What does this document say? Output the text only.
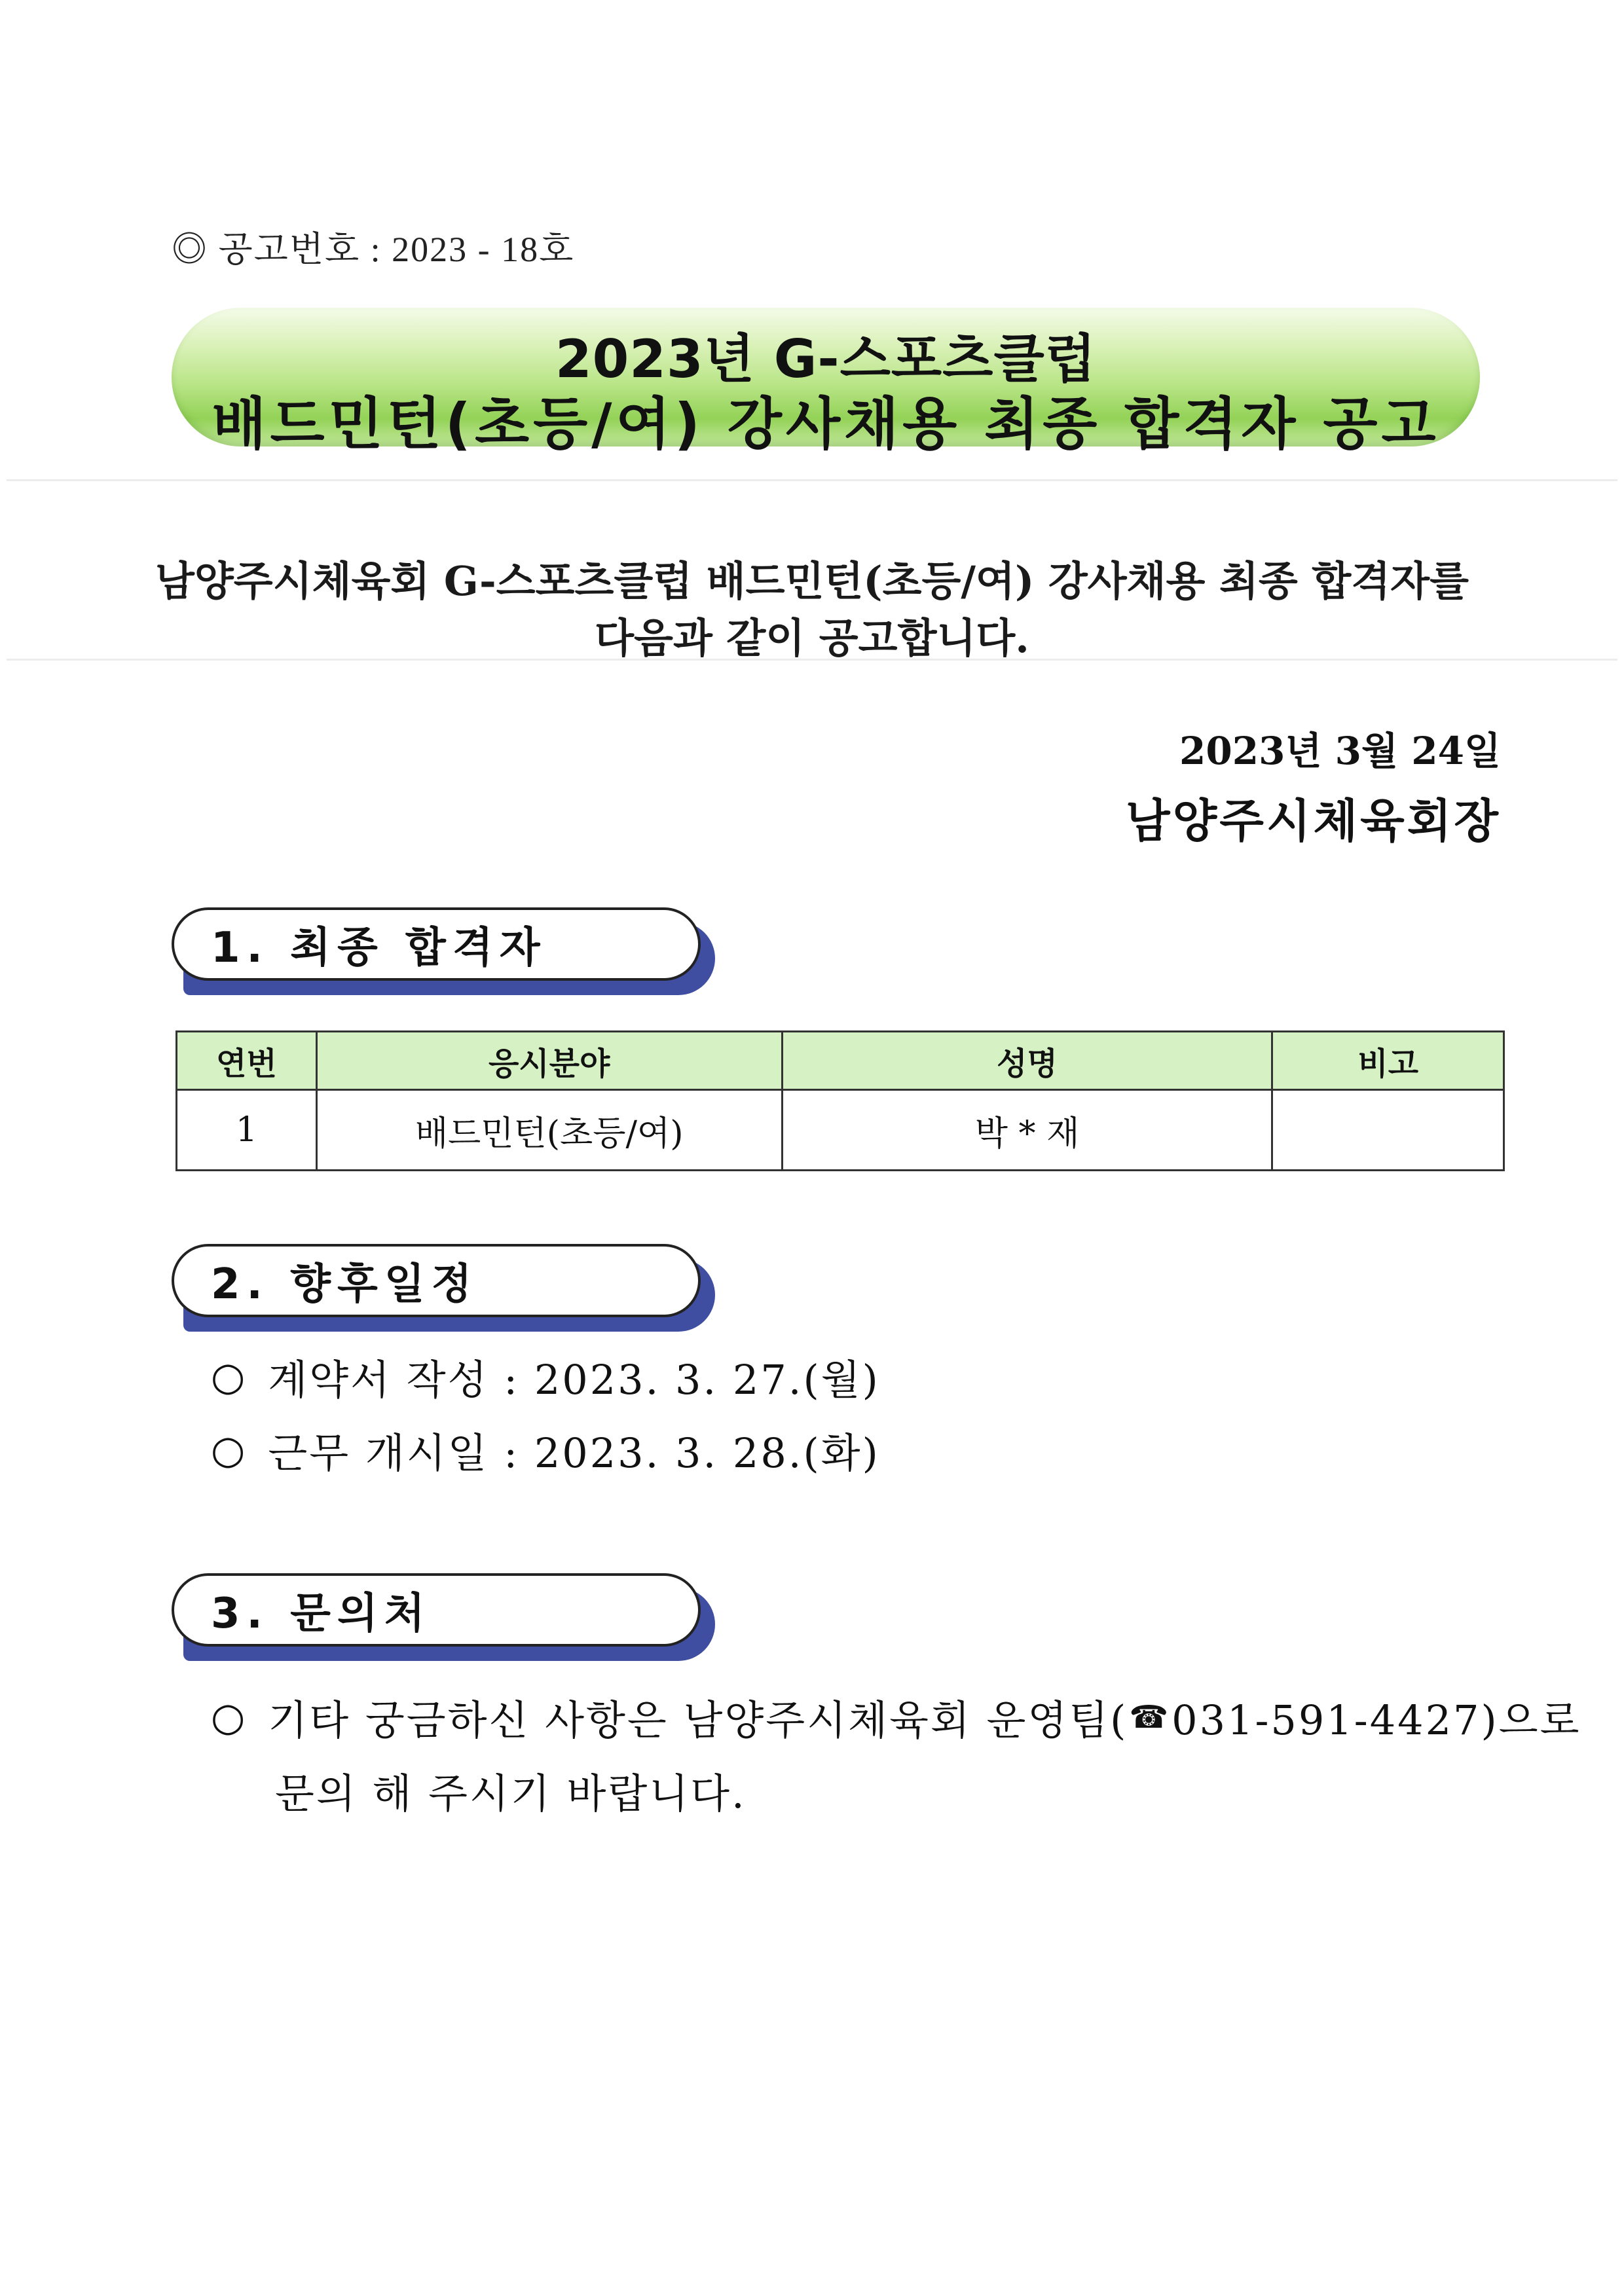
◎ 공고번호 : 2023 - 18호
2023년 G-스포츠클럽
배드민턴(초등/여) 강사채용 최종 합격자 공고
남양주시체육회 G-스포츠클럽 배드민턴(초등/여) 강사채용 최종 합격자를
다음과 같이 공고합니다.
2023년 3월 24일
남양주시체육회장
1. 최종 합격자
연번	응시분야	성명	비고
1	배드민턴(초등/여)	박 * 재	
2. 향후일정
○ 계약서 작성 : 2023. 3. 27.(월)
○ 근무 개시일 : 2023. 3. 28.(화)
3. 문의처
○ 기타 궁금하신 사항은 남양주시체육회 운영팀( ☎ 031-591-4427)으로
문의 해 주시기 바랍니다.
